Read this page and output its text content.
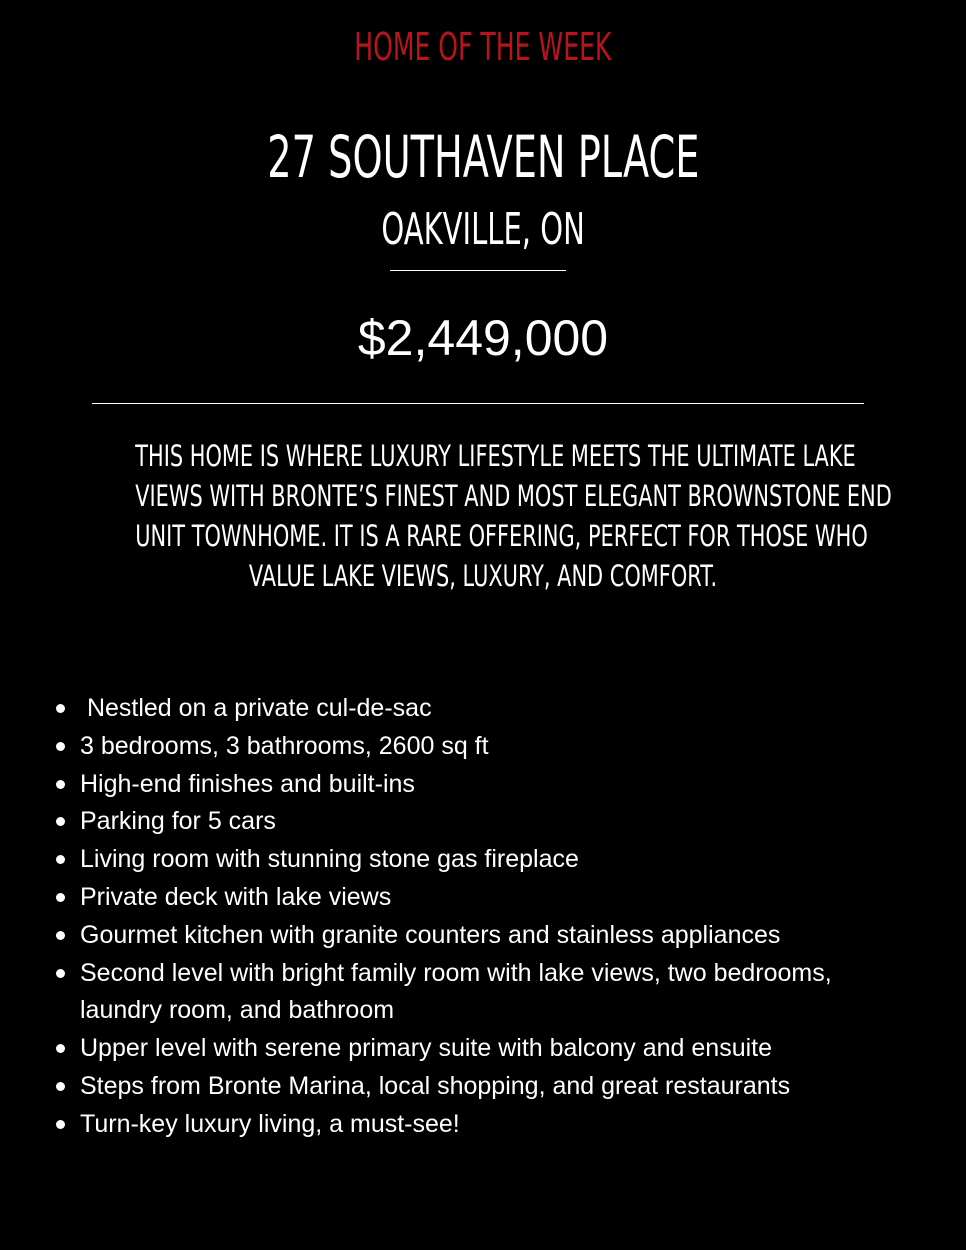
HOME OF THE WEEK
27 SOUTHAVEN PLACE
OAKVILLE, ON
$2,449,000
THIS HOME IS WHERE LUXURY LIFESTYLE MEETS THE ULTIMATE LAKE
VIEWS WITH BRONTE’S FINEST AND MOST ELEGANT BROWNSTONE END
UNIT TOWNHOME. IT IS A RARE OFFERING, PERFECT FOR THOSE WHO
VALUE LAKE VIEWS, LUXURY, AND COMFORT.
Nestled on a private cul-de-sac
3 bedrooms, 3 bathrooms, 2600 sq ft
High-end finishes and built-ins
Parking for 5 cars
Living room with stunning stone gas fireplace
Private deck with lake views
Gourmet kitchen with granite counters and stainless appliances
Second level with bright family room with lake views, two bedrooms, laundry room, and bathroom
Upper level with serene primary suite with balcony and ensuite
Steps from Bronte Marina, local shopping, and great restaurants
Turn-key luxury living, a must-see!
